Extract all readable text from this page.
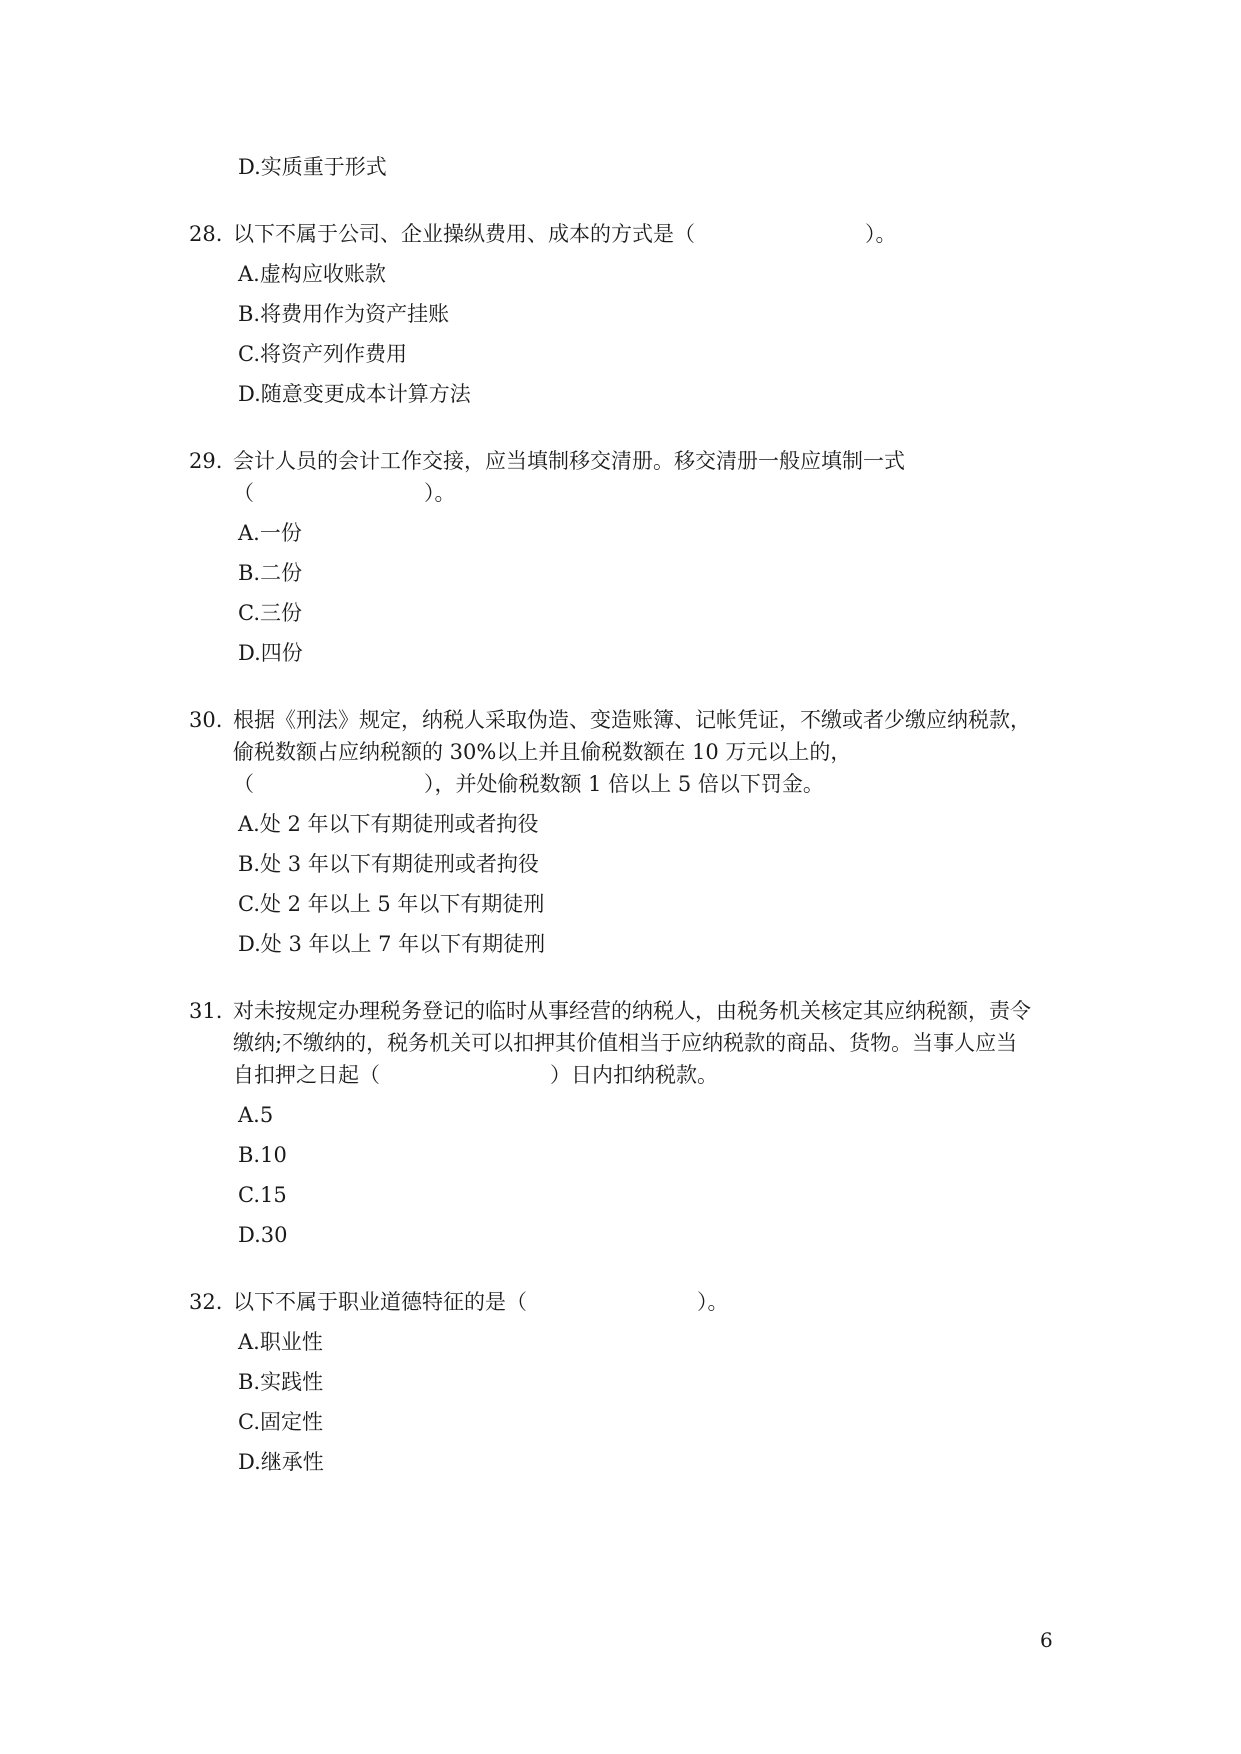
D.实质重于形式
28. 以下不属于公司、企业操纵费用、成本的方式是（	）。
A.虚构应收账款
B.将费用作为资产挂账
C.将资产列作费用
D.随意变更成本计算方法
29. 会计人员的会计工作交接，应当填制移交清册。移交清册一般应填制一式
（	）。
A.一份
B.二份
C.三份
D.四份
30. 根据《刑法》规定，纳税人采取伪造、变造账簿、记帐凭证，不缴或者少缴应纳税款，
偷税数额占应纳税额的 30%以上并且偷税数额在 10 万元以上的，
（	），并处偷税数额 1 倍以上 5 倍以下罚金。
A.处 2 年以下有期徒刑或者拘役
B.处 3 年以下有期徒刑或者拘役
C.处 2 年以上 5 年以下有期徒刑
D.处 3 年以上 7 年以下有期徒刑
31. 对未按规定办理税务登记的临时从事经营的纳税人，由税务机关核定其应纳税额，责令
缴纳;不缴纳的，税务机关可以扣押其价值相当于应纳税款的商品、货物。当事人应当
自扣押之日起（	）日内扣纳税款。
A.5
B.10
C.15
D.30
32. 以下不属于职业道德特征的是（	）。
A.职业性
B.实践性
C.固定性
D.继承性
6
